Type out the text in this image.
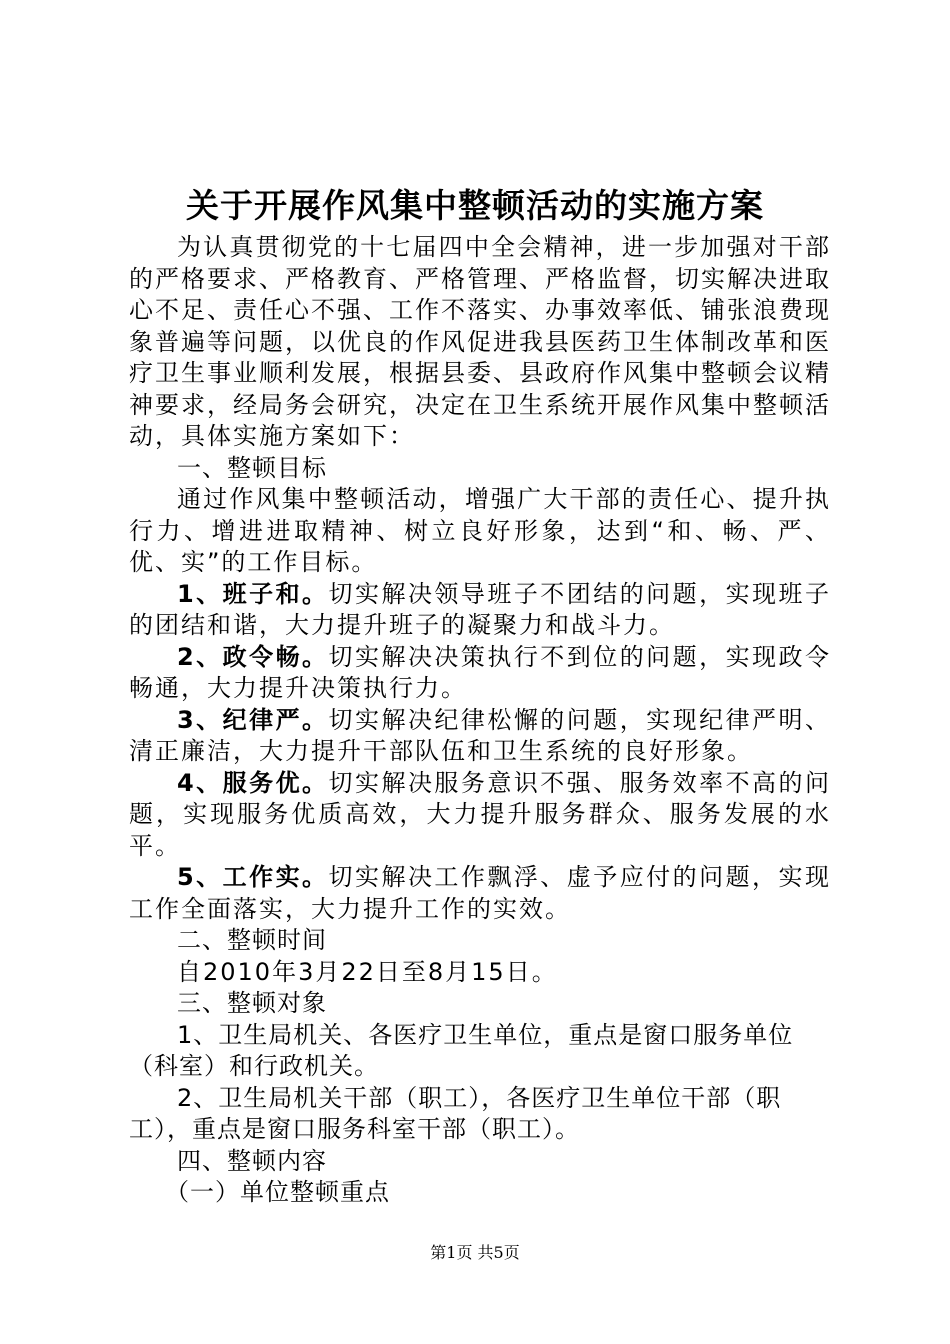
关于开展作风集中整顿活动的实施方案

为认真贯彻党的十七届四中全会精神，进一步加强对干部的严格要求、严格教育、严格管理、严格监督，切实解决进取心不足、责任心不强、工作不落实、办事效率低、铺张浪费现象普遍等问题，以优良的作风促进我县医药卫生体制改革和医疗卫生事业顺利发展，根据县委、县政府作风集中整顿会议精神要求，经局务会研究，决定在卫生系统开展作风集中整顿活动，具体实施方案如下：

一、整顿目标

通过作风集中整顿活动，增强广大干部的责任心、提升执行力、增进进取精神、树立良好形象，达到“和、畅、严、优、实”的工作目标。

1、班子和。切实解决领导班子不团结的问题，实现班子的团结和谐，大力提升班子的凝聚力和战斗力。

2、政令畅。切实解决决策执行不到位的问题，实现政令畅通，大力提升决策执行力。

3、纪律严。切实解决纪律松懈的问题，实现纪律严明、清正廉洁，大力提升干部队伍和卫生系统的良好形象。

4、服务优。切实解决服务意识不强、服务效率不高的问题，实现服务优质高效，大力提升服务群众、服务发展的水平。

5、工作实。切实解决工作飘浮、虚予应付的问题，实现工作全面落实，大力提升工作的实效。

二、整顿时间

自2010年3月22日至8月15日。

三、整顿对象

1、卫生局机关、各医疗卫生单位，重点是窗口服务单位（科室）和行政机关。

2、卫生局机关干部（职工），各医疗卫生单位干部（职工），重点是窗口服务科室干部（职工）。

四、整顿内容

（一）单位整顿重点

第1页 共5页
